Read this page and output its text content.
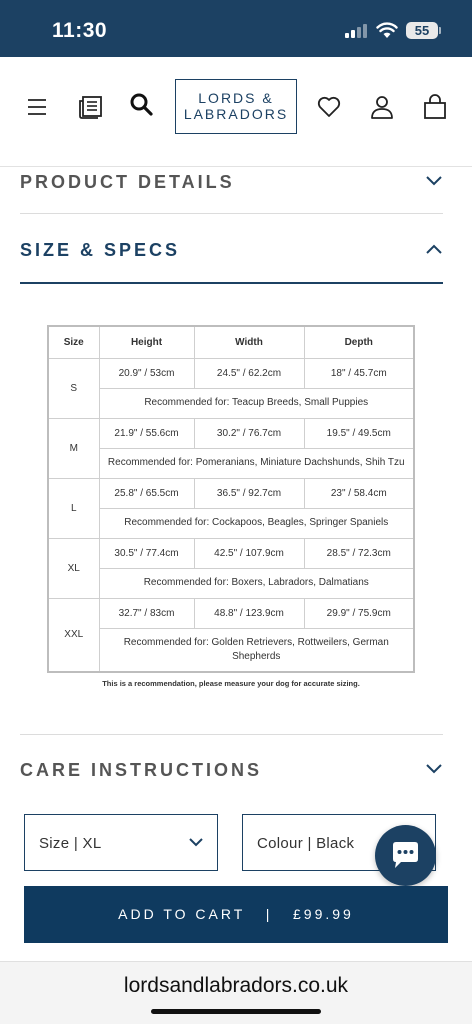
11:30	55
LORDS &
LABRADORS
PRODUCT DETAILS
SIZE & SPECS
Size	Height	Width	Depth
S	20.9" / 53cm	24.5" / 62.2cm	18" / 45.7cm
	Recommended for: Teacup Breeds, Small Puppies		
M	21.9" / 55.6cm	30.2" / 76.7cm	19.5" / 49.5cm
	Recommended for: Pomeranians, Miniature Dachshunds, Shih Tzu		
L	25.8" / 65.5cm	36.5" / 92.7cm	23" / 58.4cm
	Recommended for: Cockapoos, Beagles, Springer Spaniels		
XL	30.5" / 77.4cm	42.5" / 107.9cm	28.5" / 72.3cm
	Recommended for: Boxers, Labradors, Dalmatians		
XXL	32.7" / 83cm	48.8" / 123.9cm	29.9" / 75.9cm
	Recommended for: Golden Retrievers, Rottweilers, German Shepherds		
This is a recommendation, please measure your dog for accurate sizing.
CARE INSTRUCTIONS
Size | XL	Colour | Black
ADD TO CART   |   £99.99
lordsandlabradors.co.uk
